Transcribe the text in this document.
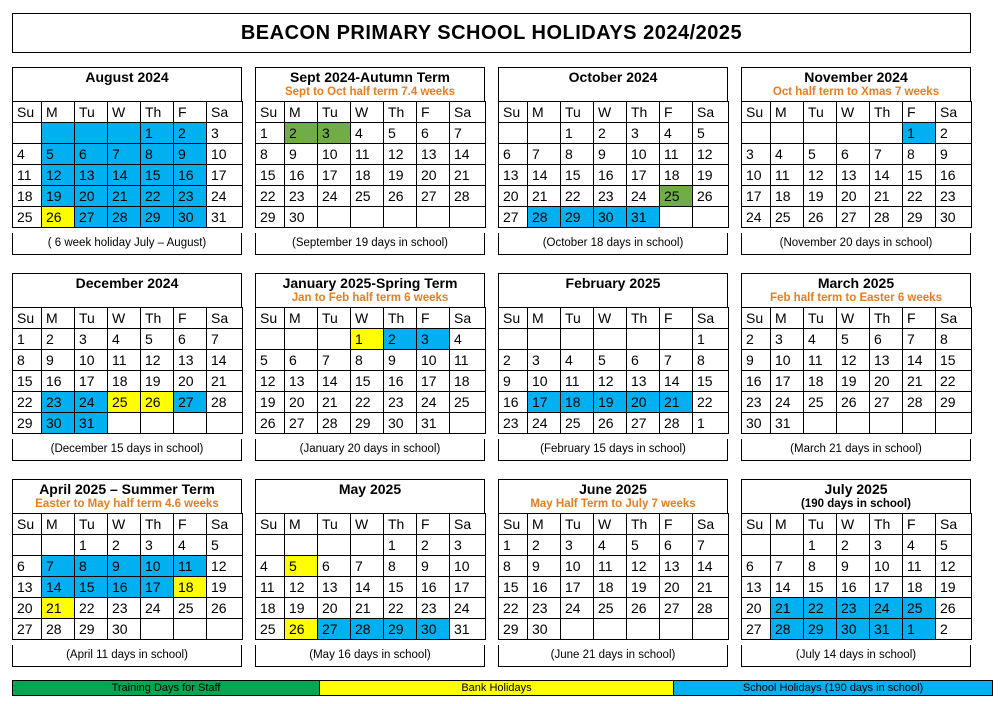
BEACON PRIMARY SCHOOL HOLIDAYS 2024/2025
August 2024
Su	M	Tu	W	Th	F	Sa
				1	2	3
4	5	6	7	8	9	10
11	12	13	14	15	16	17
18	19	20	21	22	23	24
25	26	27	28	29	30	31
( 6 week holiday July – August)
Sept 2024-Autumn Term
Sept to Oct half term 7.4 weeks
Su	M	Tu	W	Th	F	Sa
1	2	3	4	5	6	7
8	9	10	11	12	13	14
15	16	17	18	19	20	21
22	23	24	25	26	27	28
29	30					
(September 19 days in school)
October 2024
Su	M	Tu	W	Th	F	Sa
		1	2	3	4	5
6	7	8	9	10	11	12
13	14	15	16	17	18	19
20	21	22	23	24	25	26
27	28	29	30	31		
(October 18 days in school)
November 2024
Oct half term to Xmas 7 weeks
Su	M	Tu	W	Th	F	Sa
					1	2
3	4	5	6	7	8	9
10	11	12	13	14	15	16
17	18	19	20	21	22	23
24	25	26	27	28	29	30
(November 20 days in school)
December 2024
Su	M	Tu	W	Th	F	Sa
1	2	3	4	5	6	7
8	9	10	11	12	13	14
15	16	17	18	19	20	21
22	23	24	25	26	27	28
29	30	31				
(December 15 days in school)
January 2025-Spring Term
Jan to Feb half term 6 weeks
Su	M	Tu	W	Th	F	Sa
			1	2	3	4
5	6	7	8	9	10	11
12	13	14	15	16	17	18
19	20	21	22	23	24	25
26	27	28	29	30	31	
(January 20 days in school)
February 2025
Su	M	Tu	W	Th	F	Sa
						1
2	3	4	5	6	7	8
9	10	11	12	13	14	15
16	17	18	19	20	21	22
23	24	25	26	27	28	1
(February 15 days in school)
March 2025
Feb half term to Easter 6 weeks
Su	M	Tu	W	Th	F	Sa
2	3	4	5	6	7	8
9	10	11	12	13	14	15
16	17	18	19	20	21	22
23	24	25	26	27	28	29
30	31					
(March 21 days in school)
April 2025 – Summer Term
Easter to May half term 4.6 weeks
Su	M	Tu	W	Th	F	Sa
		1	2	3	4	5
6	7	8	9	10	11	12
13	14	15	16	17	18	19
20	21	22	23	24	25	26
27	28	29	30			
(April 11 days in school)
May 2025
Su	M	Tu	W	Th	F	Sa
				1	2	3
4	5	6	7	8	9	10
11	12	13	14	15	16	17
18	19	20	21	22	23	24
25	26	27	28	29	30	31
(May 16 days in school)
June 2025
May Half Term to July 7 weeks
Su	M	Tu	W	Th	F	Sa
1	2	3	4	5	6	7
8	9	10	11	12	13	14
15	16	17	18	19	20	21
22	23	24	25	26	27	28
29	30					
(June 21 days in school)
July 2025
(190 days in school)
Su	M	Tu	W	Th	F	Sa
		1	2	3	4	5
6	7	8	9	10	11	12
13	14	15	16	17	18	19
20	21	22	23	24	25	26
27	28	29	30	31	1	2
(July 14 days in school)
Training Days for Staff	Bank Holidays	School Holidays (190 days in school)
